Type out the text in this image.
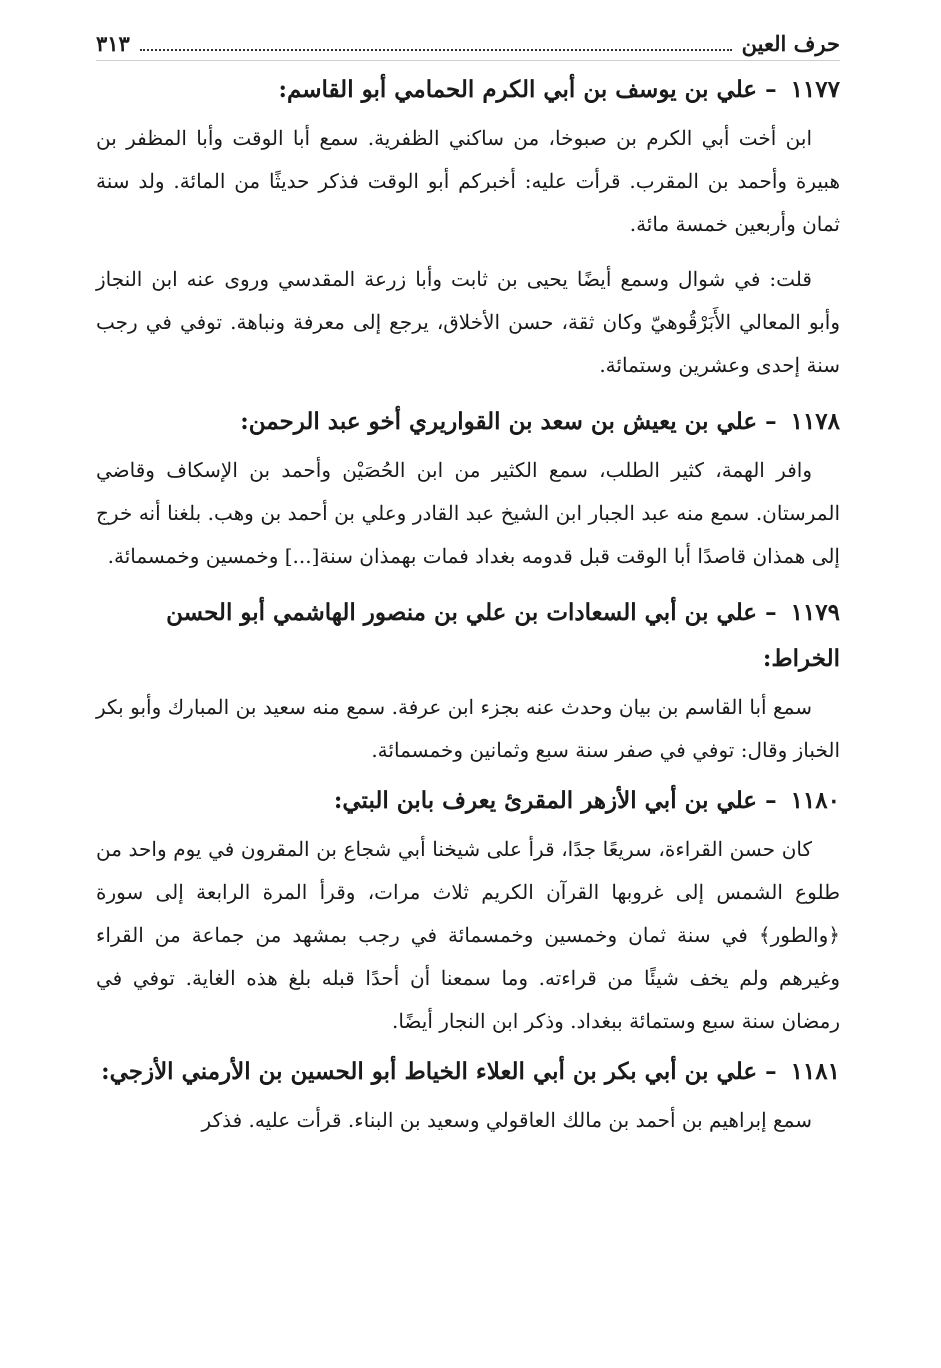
حرف العين
٣١٣
١١٧٧ – علي بن يوسف بن أبي الكرم الحمامي أبو القاسم:

ابن أخت أبي الكرم بن صبوخا، من ساكني الظفرية. سمع أبا الوقت وأبا المظفر بن هبيرة وأحمد بن المقرب. قرأت عليه: أخبركم أبو الوقت فذكر حديثًا من المائة. ولد سنة ثمان وأربعين خمسة مائة.

قلت: في شوال وسمع أيضًا يحيى بن ثابت وأبا زرعة المقدسي وروى عنه ابن النجاز وأبو المعالي الأَبَرْقُوهيّ وكان ثقة، حسن الأخلاق، يرجع إلى معرفة ونباهة. توفي في رجب سنة إحدى وعشرين وستمائة.

١١٧٨ – علي بن يعيش بن سعد بن القواريري أخو عبد الرحمن:

وافر الهمة، كثير الطلب، سمع الكثير من ابن الحُصَيْن وأحمد بن الإسكاف وقاضي المرستان. سمع منه عبد الجبار ابن الشيخ عبد القادر وعلي بن أحمد بن وهب. بلغنا أنه خرج إلى همذان قاصدًا أبا الوقت قبل قدومه بغداد فمات بهمذان سنة[...] وخمسين وخمسمائة.

١١٧٩ – علي بن أبي السعادات بن علي بن منصور الهاشمي أبو الحسن الخراط:

سمع أبا القاسم بن بيان وحدث عنه بجزء ابن عرفة. سمع منه سعيد بن المبارك وأبو بكر الخباز وقال: توفي في صفر سنة سبع وثمانين وخمسمائة.

١١٨٠ – علي بن أبي الأزهر المقرئ يعرف بابن البتي:

كان حسن القراءة، سريعًا جدًا، قرأ على شيخنا أبي شجاع بن المقرون في يوم واحد من طلوع الشمس إلى غروبها القرآن الكريم ثلاث مرات، وقرأ المرة الرابعة إلى سورة ﴿والطور﴾ في سنة ثمان وخمسين وخمسمائة في رجب بمشهد من جماعة من القراء وغيرهم ولم يخف شيئًا من قراءته. وما سمعنا أن أحدًا قبله بلغ هذه الغاية. توفي في رمضان سنة سبع وستمائة ببغداد. وذكر ابن النجار أيضًا.

١١٨١ – علي بن أبي بكر بن أبي العلاء الخياط أبو الحسين بن الأرمني الأزجي:

سمع إبراهيم بن أحمد بن مالك العاقولي وسعيد بن البناء. قرأت عليه. فذكر
